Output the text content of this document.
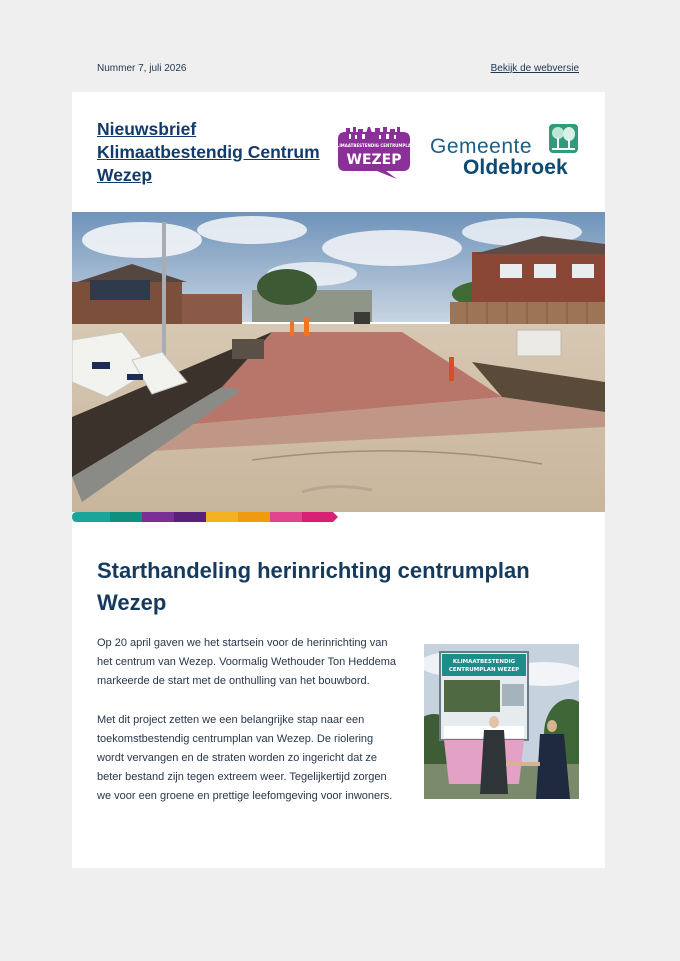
Nummer 7, juli 2026	Bekijk de webversie
Nieuwsbrief Klimaatbestendig Centrum Wezep
KLIMAATBESTENDIG CENTRUMPLAN
WEZEP
Gemeente
Oldebroek
Starthandeling herinrichting centrumplan Wezep

Op 20 april gaven we het startsein voor de herinrichting van het centrum van Wezep. Voormalig Wethouder Ton Heddema markeerde de start met de onthulling van het bouwbord.

Met dit project zetten we een belangrijke stap naar een toekomstbestendig centrumplan van Wezep. De riolering wordt vervangen en de straten worden zo ingericht dat ze beter bestand zijn tegen extreem weer. Tegelijkertijd zorgen we voor een groene en prettige leefomgeving voor inwoners.

KLIMAATBESTENDIG
CENTRUMPLAN WEZEP
